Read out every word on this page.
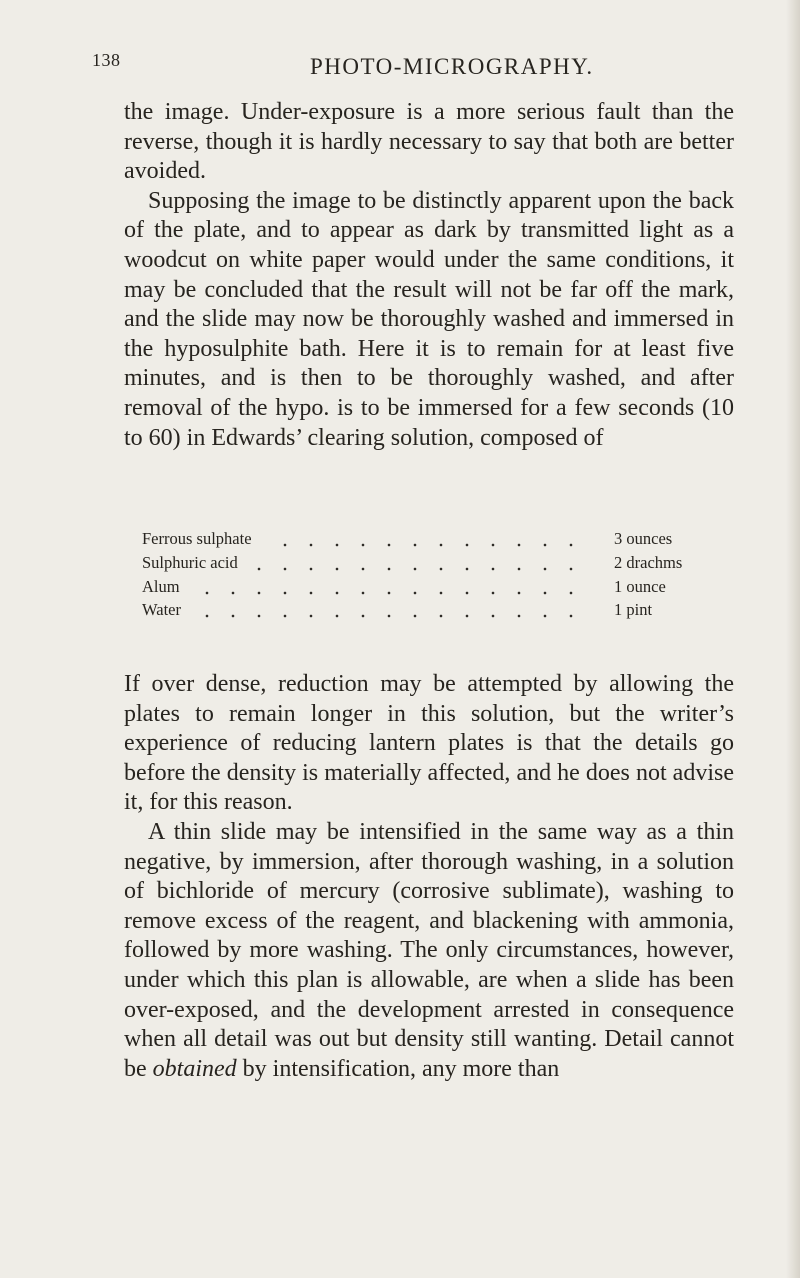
138	PHOTO-MICROGRAPHY.

the image. Under-exposure is a more serious fault than the reverse, though it is hardly necessary to say that both are better avoided.

Supposing the image to be distinctly apparent upon the back of the plate, and to appear as dark by transmitted light as a woodcut on white paper would under the same conditions, it may be concluded that the result will not be far off the mark, and the slide may now be thoroughly washed and immersed in the hyposulphite bath. Here it is to remain for at least five minutes, and is then to be thoroughly washed, and after removal of the hypo. is to be immersed for a few seconds (10 to 60) in Edwards’ clearing solution, composed of

Ferrous sulphate	3 ounces
Sulphuric acid	2 drachms
Alum	1 ounce
Water	1 pint

If over dense, reduction may be attempted by allowing the plates to remain longer in this solution, but the writer’s experience of reducing lantern plates is that the details go before the density is materially affected, and he does not advise it, for this reason.

A thin slide may be intensified in the same way as a thin negative, by immersion, after thorough washing, in a solution of bichloride of mercury (corrosive sublimate), washing to remove excess of the reagent, and blackening with ammonia, followed by more washing. The only circumstances, however, under which this plan is allowable, are when a slide has been over-exposed, and the development arrested in consequence when all detail was out but density still wanting. Detail cannot be obtained by intensification, any more than
